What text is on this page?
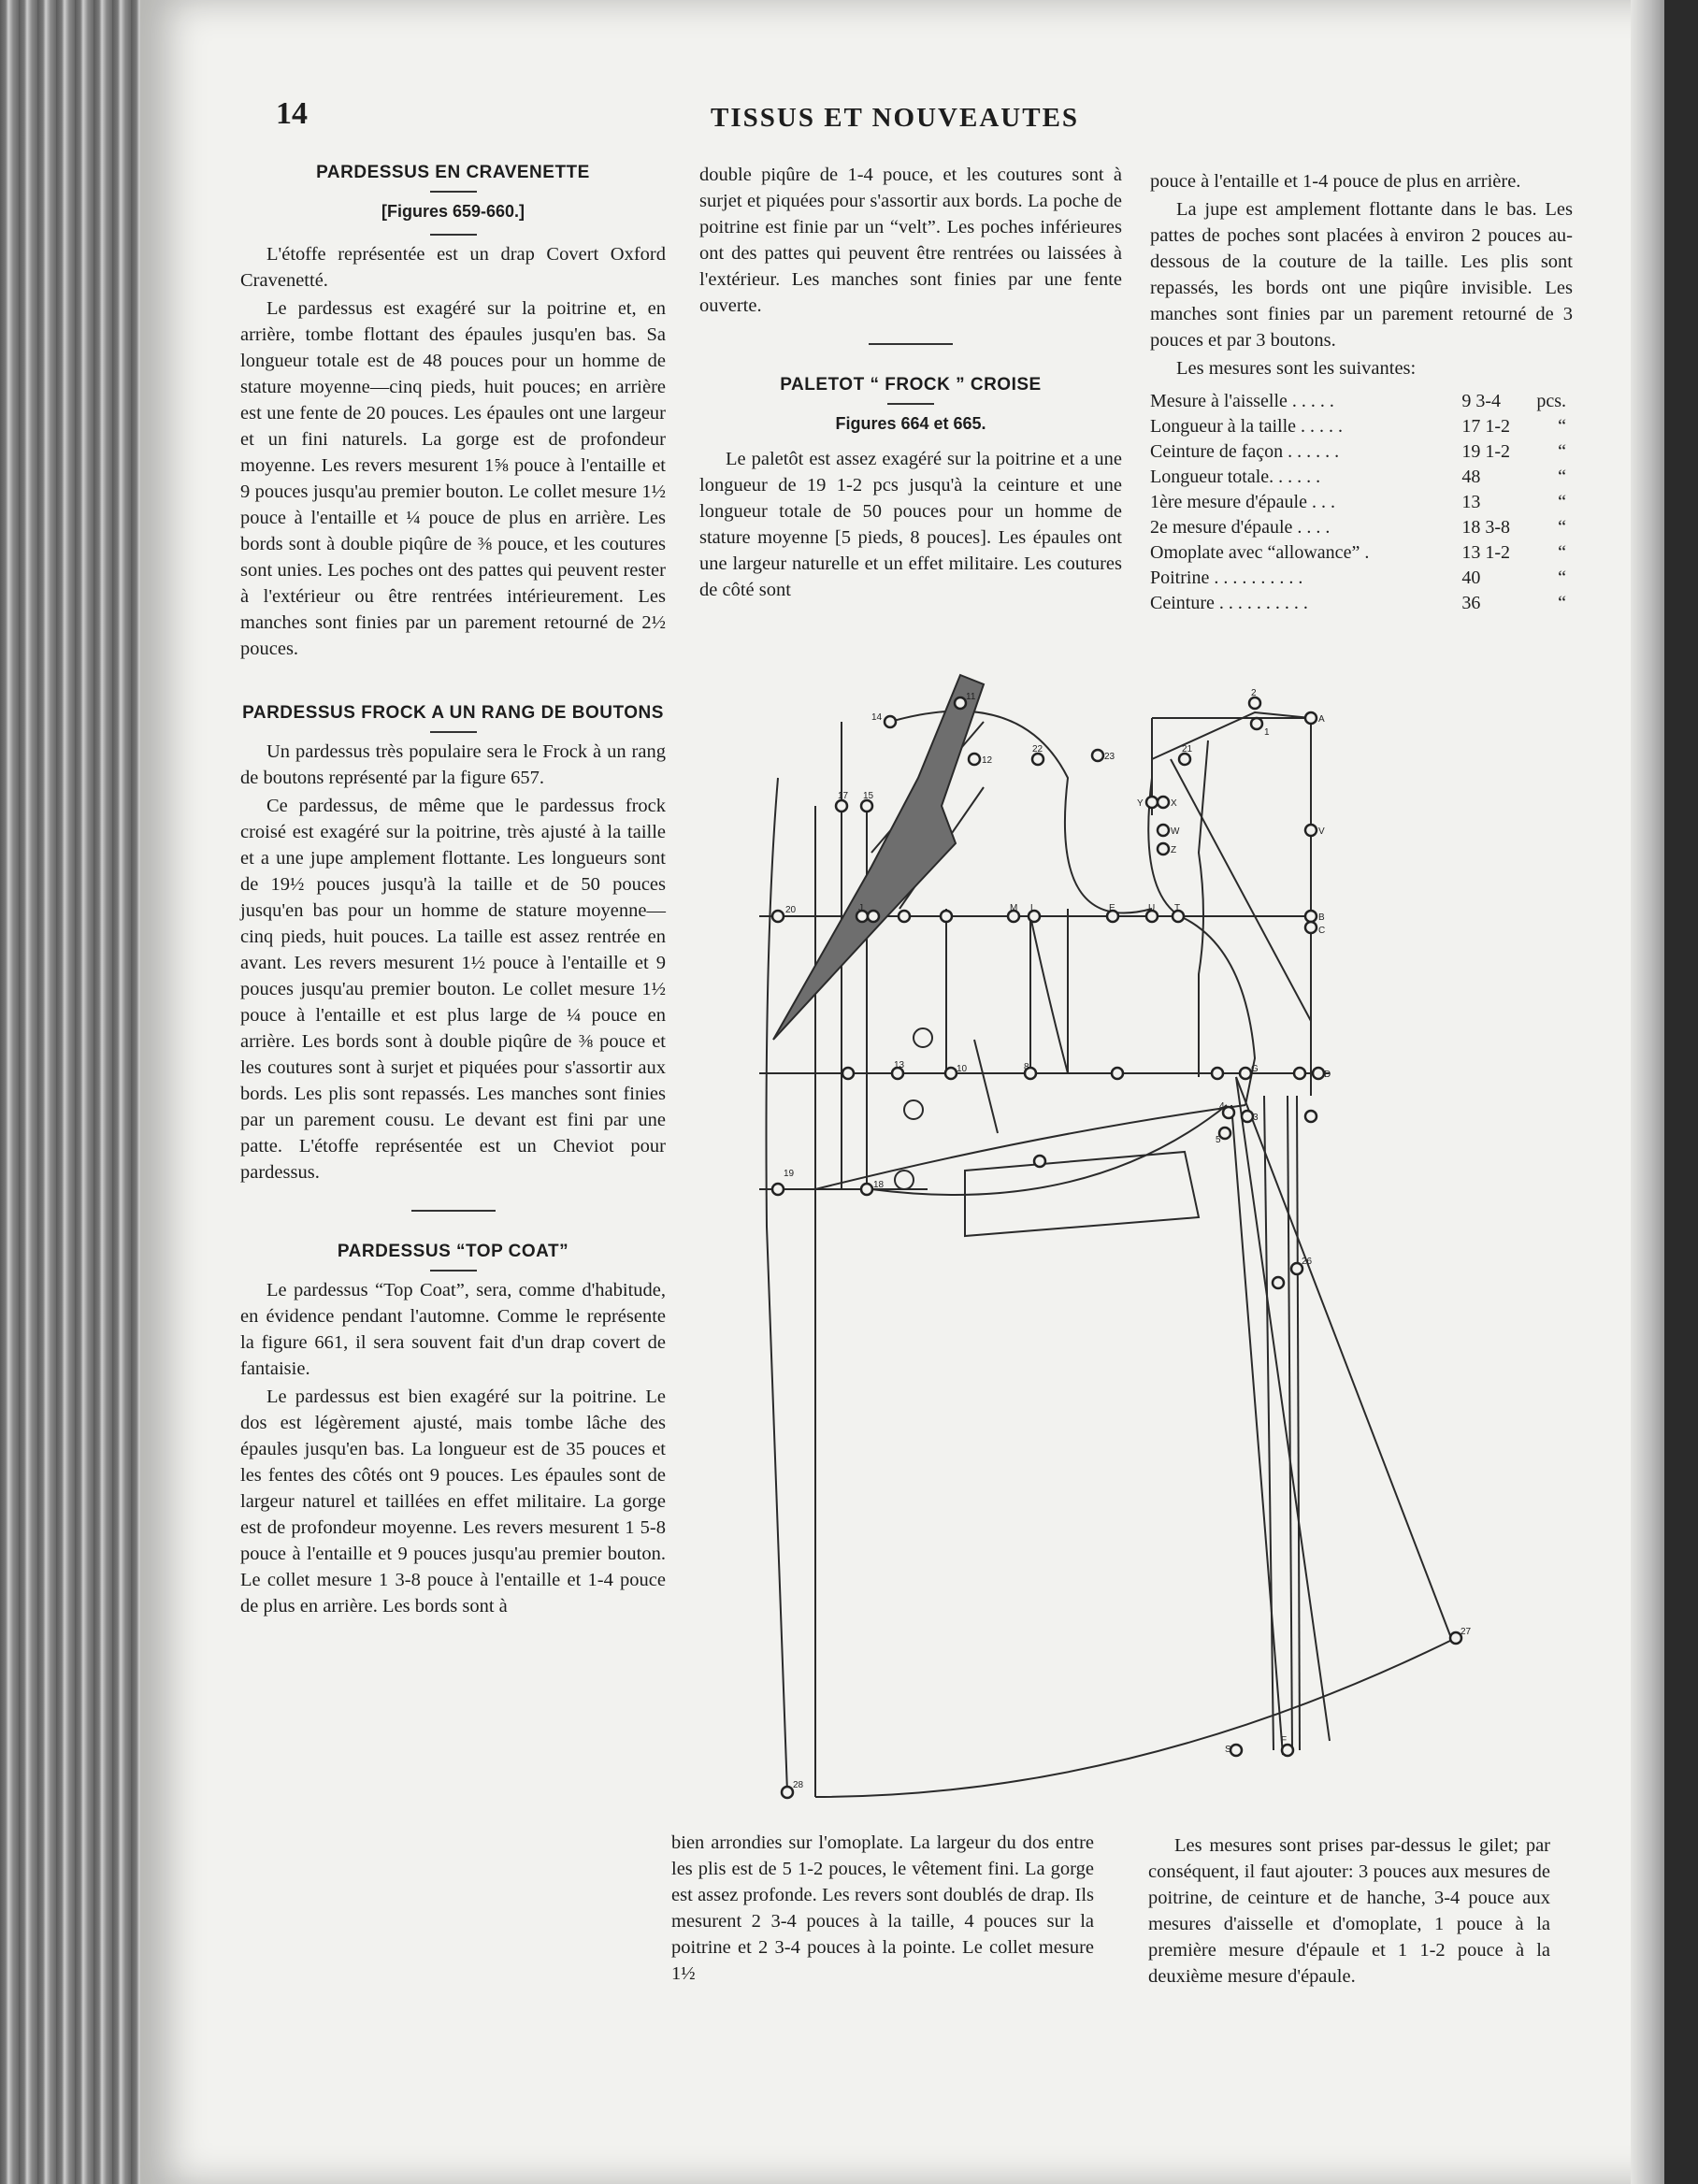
14	TISSUS ET NOUVEAUTES
PARDESSUS EN CRAVENETTE
[Figures 659-660.]

L'étoffe représentée est un drap Covert Oxford Cravenetté.

Le pardessus est exagéré sur la poitrine et, en arrière, tombe flottant des épaules jusqu'en bas. Sa longueur totale est de 48 pouces pour un homme de stature moyenne—cinq pieds, huit pouces; en arrière est une fente de 20 pouces. Les épaules ont une largeur et un fini naturels. La gorge est de profondeur moyenne. Les revers mesurent 1⅝ pouce à l'entaille et 9 pouces jusqu'au premier bouton. Le collet mesure 1½ pouce à l'entaille et ¼ pouce de plus en arrière. Les bords sont à double piqûre de ⅜ pouce, et les coutures sont unies. Les poches ont des pattes qui peuvent rester à l'extérieur ou être rentrées intérieurement. Les manches sont finies par un parement retourné de 2½ pouces.

PARDESSUS FROCK A UN RANG DE BOUTONS

Un pardessus très populaire sera le Frock à un rang de boutons représenté par la figure 657.

Ce pardessus, de même que le pardessus frock croisé est exagéré sur la poitrine, très ajusté à la taille et a une jupe amplement flottante. Les longueurs sont de 19½ pouces jusqu'à la taille et de 50 pouces jusqu'en bas pour un homme de stature moyenne—cinq pieds, huit pouces. La taille est assez rentrée en avant. Les revers mesurent 1½ pouce à l'entaille et 9 pouces jusqu'au premier bouton. Le collet mesure 1½ pouce à l'entaille et est plus large de ¼ pouce en arrière. Les bords sont à double piqûre de ⅜ pouce et les coutures sont à surjet et piquées pour s'assortir aux bords. Les plis sont repassés. Les manches sont finies par un parement cousu. Le devant est fini par une patte. L'étoffe représentée est un Cheviot pour pardessus.

PARDESSUS “TOP COAT”

Le pardessus “Top Coat”, sera, comme d'habitude, en évidence pendant l'automne. Comme le représente la figure 661, il sera souvent fait d'un drap covert de fantaisie.

Le pardessus est bien exagéré sur la poitrine. Le dos est légèrement ajusté, mais tombe lâche des épaules jusqu'en bas. La longueur est de 35 pouces et les fentes des côtés ont 9 pouces. Les épaules sont de largeur naturel et taillées en effet militaire. La gorge est de profondeur moyenne. Les revers mesurent 1 5-8 pouce à l'entaille et 9 pouces jusqu'au premier bouton. Le collet mesure 1 3-8 pouce à l'entaille et 1-4 pouce de plus en arrière. Les bords sont à

double piqûre de 1-4 pouce, et les coutures sont à surjet et piquées pour s'assortir aux bords. La poche de poitrine est finie par un “velt”. Les poches inférieures ont des pattes qui peuvent être rentrées ou laissées à l'extérieur. Les manches sont finies par une fente ouverte.

PALETOT “ FROCK ” CROISE
Figures 664 et 665.

Le paletôt est assez exagéré sur la poitrine et a une longueur de 19 1-2 pcs jusqu'à la ceinture et une longueur totale de 50 pouces pour un homme de stature moyenne [5 pieds, 8 pouces]. Les épaules ont une largeur naturelle et un effet militaire. Les coutures de côté sont

pouce à l'entaille et 1-4 pouce de plus en arrière.

La jupe est amplement flottante dans le bas. Les pattes de poches sont placées à environ 2 pouces au-dessous de la couture de la taille. Les plis sont repassés, les bords ont une piqûre invisible. Les manches sont finies par un parement retourné de 3 pouces et par 3 boutons.

Les mesures sont les suivantes:

Mesure à l'aisselle . . . . .	9 3-4	pcs.
Longueur à la taille . . . . .	17 1-2	“
Ceinture de façon . . . . . .	19 1-2	“
Longueur totale. . . . . .	48	“
1ère mesure d'épaule . . .	13	“
2e mesure d'épaule . . . .	18 3-8	“
Omoplate avec “allowance” .	13 1-2	“
Poitrine . . . . . . . . . .	40	“
Ceinture . . . . . . . . . .	36	“
14
11
12
22
23
2
1
A
21
17 15
Y	X
W	V
Z
20	J	M L	E	U T
B
C
13	10	8	G
D
4
3
5
19
18
26
27
S
F
28

bien arrondies sur l'omoplate. La largeur du dos entre les plis est de 5 1-2 pouces, le vêtement fini. La gorge est assez profonde. Les revers sont doublés de drap. Ils mesurent 2 3-4 pouces à la taille, 4 pouces sur la poitrine et 2 3-4 pouces à la pointe. Le collet mesure 1½

Les mesures sont prises par-dessus le gilet; par conséquent, il faut ajouter: 3 pouces aux mesures de poitrine, de ceinture et de hanche, 3-4 pouce aux mesures d'aisselle et d'omoplate, 1 pouce à la première mesure d'épaule et 1 1-2 pouce à la deuxième mesure d'épaule.
